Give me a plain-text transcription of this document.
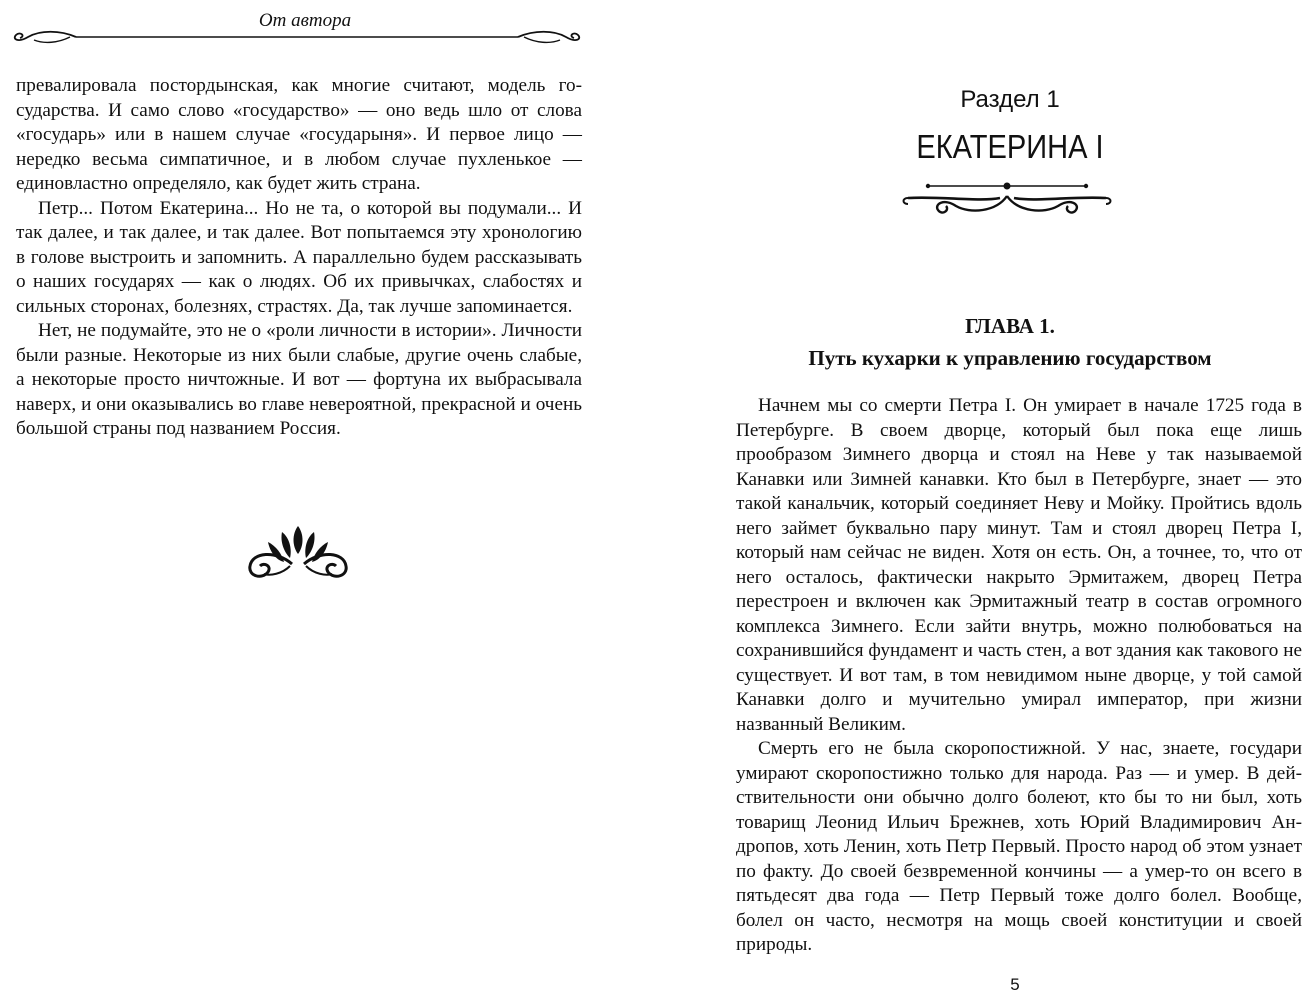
От автора

превалировала постордынская, как многие считают, модель государства. И само слово «государство» — оно ведь шло от слова «государь» или в нашем случае «государыня». И первое лицо — нередко весьма симпатичное, и в любом случае пухленькое — единовластно определяло, как будет жить страна.

Петр... Потом Екатерина... Но не та, о которой вы подумали... И так далее, и так далее, и так далее. Вот попытаемся эту хронологию в голове выстроить и запомнить. А параллельно будем рассказывать о наших государях — как о людях. Об их привычках, слабостях и сильных сторонах, болезнях, страстях. Да, так лучше запоминается.

Нет, не подумайте, это не о «роли личности в истории». Личности были разные. Некоторые из них были слабые, другие очень слабые, а некоторые просто ничтожные. И вот — фортуна их выбрасывала наверх, и они оказывались во главе невероятной, прекрасной и очень большой страны под названием Россия.

Раздел 1
ЕКАТЕРИНА I
ГЛАВА 1.
Путь кухарки к управлению государством

Начнем мы со смерти Петра I. Он умирает в начале 1725 года в Петербурге. В своем дворце, который был пока еще лишь прообразом Зимнего дворца и стоял на Неве у так называемой Канавки или Зимней канавки. Кто был в Петербурге, знает — это такой канальчик, который соединяет Неву и Мойку. Пройтись вдоль него займет буквально пару минут. Там и стоял дворец Петра I, который нам сейчас не виден. Хотя он есть. Он, а точнее, то, что от него осталось, фактически накрыто Эрмитажем, дворец Петра перестроен и включен как Эрмитажный театр в состав огромного комплекса Зимнего. Если зайти внутрь, можно полюбоваться на сохранившийся фундамент и часть стен, а вот здания как такового не существует. И вот там, в том невидимом ныне дворце, у той самой Канавки долго и мучительно умирал император, при жизни названный Великим.

Смерть его не была скоропостижной. У нас, знаете, государи умирают скоропостижно только для народа. Раз — и умер. В действительности они обычно долго болеют, кто бы то ни был, хоть товарищ Леонид Ильич Брежнев, хоть Юрий Владимирович Андропов, хоть Ленин, хоть Петр Первый. Просто народ об этом узнает по факту. До своей безвременной кончины — а умер-то он всего в пятьдесят два года — Петр Первый тоже долго болел. Вообще, болел он часто, несмотря на мощь своей конституции и своей природы.

5
